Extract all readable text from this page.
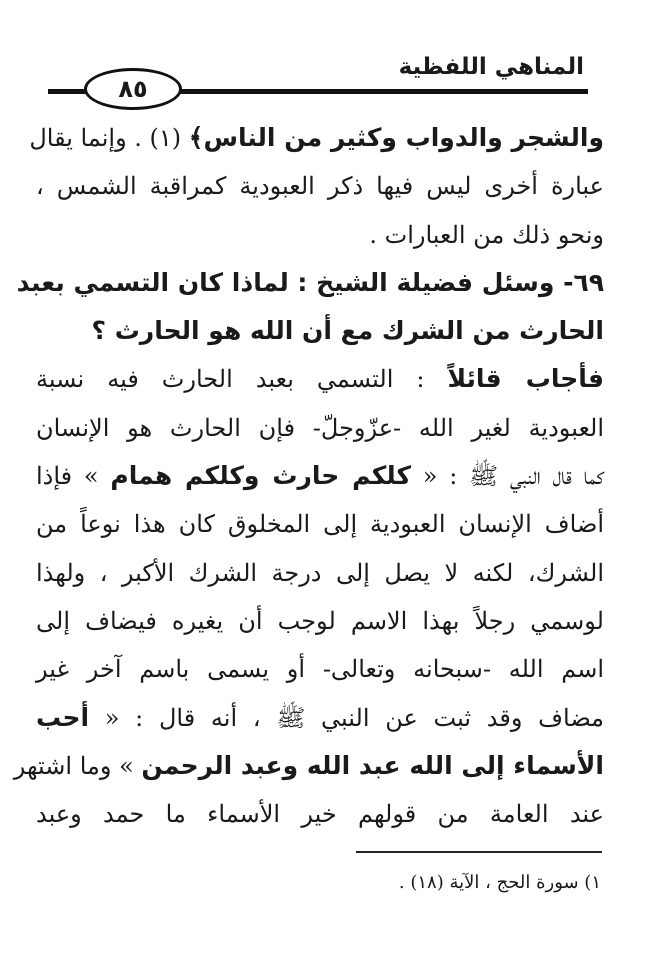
٨٥
المناهي اللفظية
والشجر والدواب وكثير من الناس﴾ (١) . وإنما يقال
عبارة أخرى ليس فيها ذكر العبودية كمراقبة الشمس ،
ونحو ذلك من العبارات .
٦٩- وسئل فضيلة الشيخ : لماذا كان التسمي بعبد
الحارث من الشرك مع أن الله هو الحارث ؟
فأجاب قائلاً : التسمي بعبد الحارث فيه نسبة
العبودية لغير الله -عزّوجلّ- فإن الحارث هو الإنسان
كما قال النبي ﷺ : « كلكم حارث وكلكم همام » فإذا
أضاف الإنسان العبودية إلى المخلوق كان هذا نوعاً من
الشرك، لكنه لا يصل إلى درجة الشرك الأكبر ، ولهذا
لوسمي رجلاً بهذا الاسم لوجب أن يغيره فيضاف إلى
اسم الله -سبحانه وتعالى- أو يسمى باسم آخر غير
مضاف وقد ثبت عن النبي ﷺ ، أنه قال : « أحب
الأسماء إلى الله عبد الله وعبد الرحمن » وما اشتهر
عند العامة من قولهم خير الأسماء ما حمد وعبد
١) سورة الحج ، الآية (١٨) .
